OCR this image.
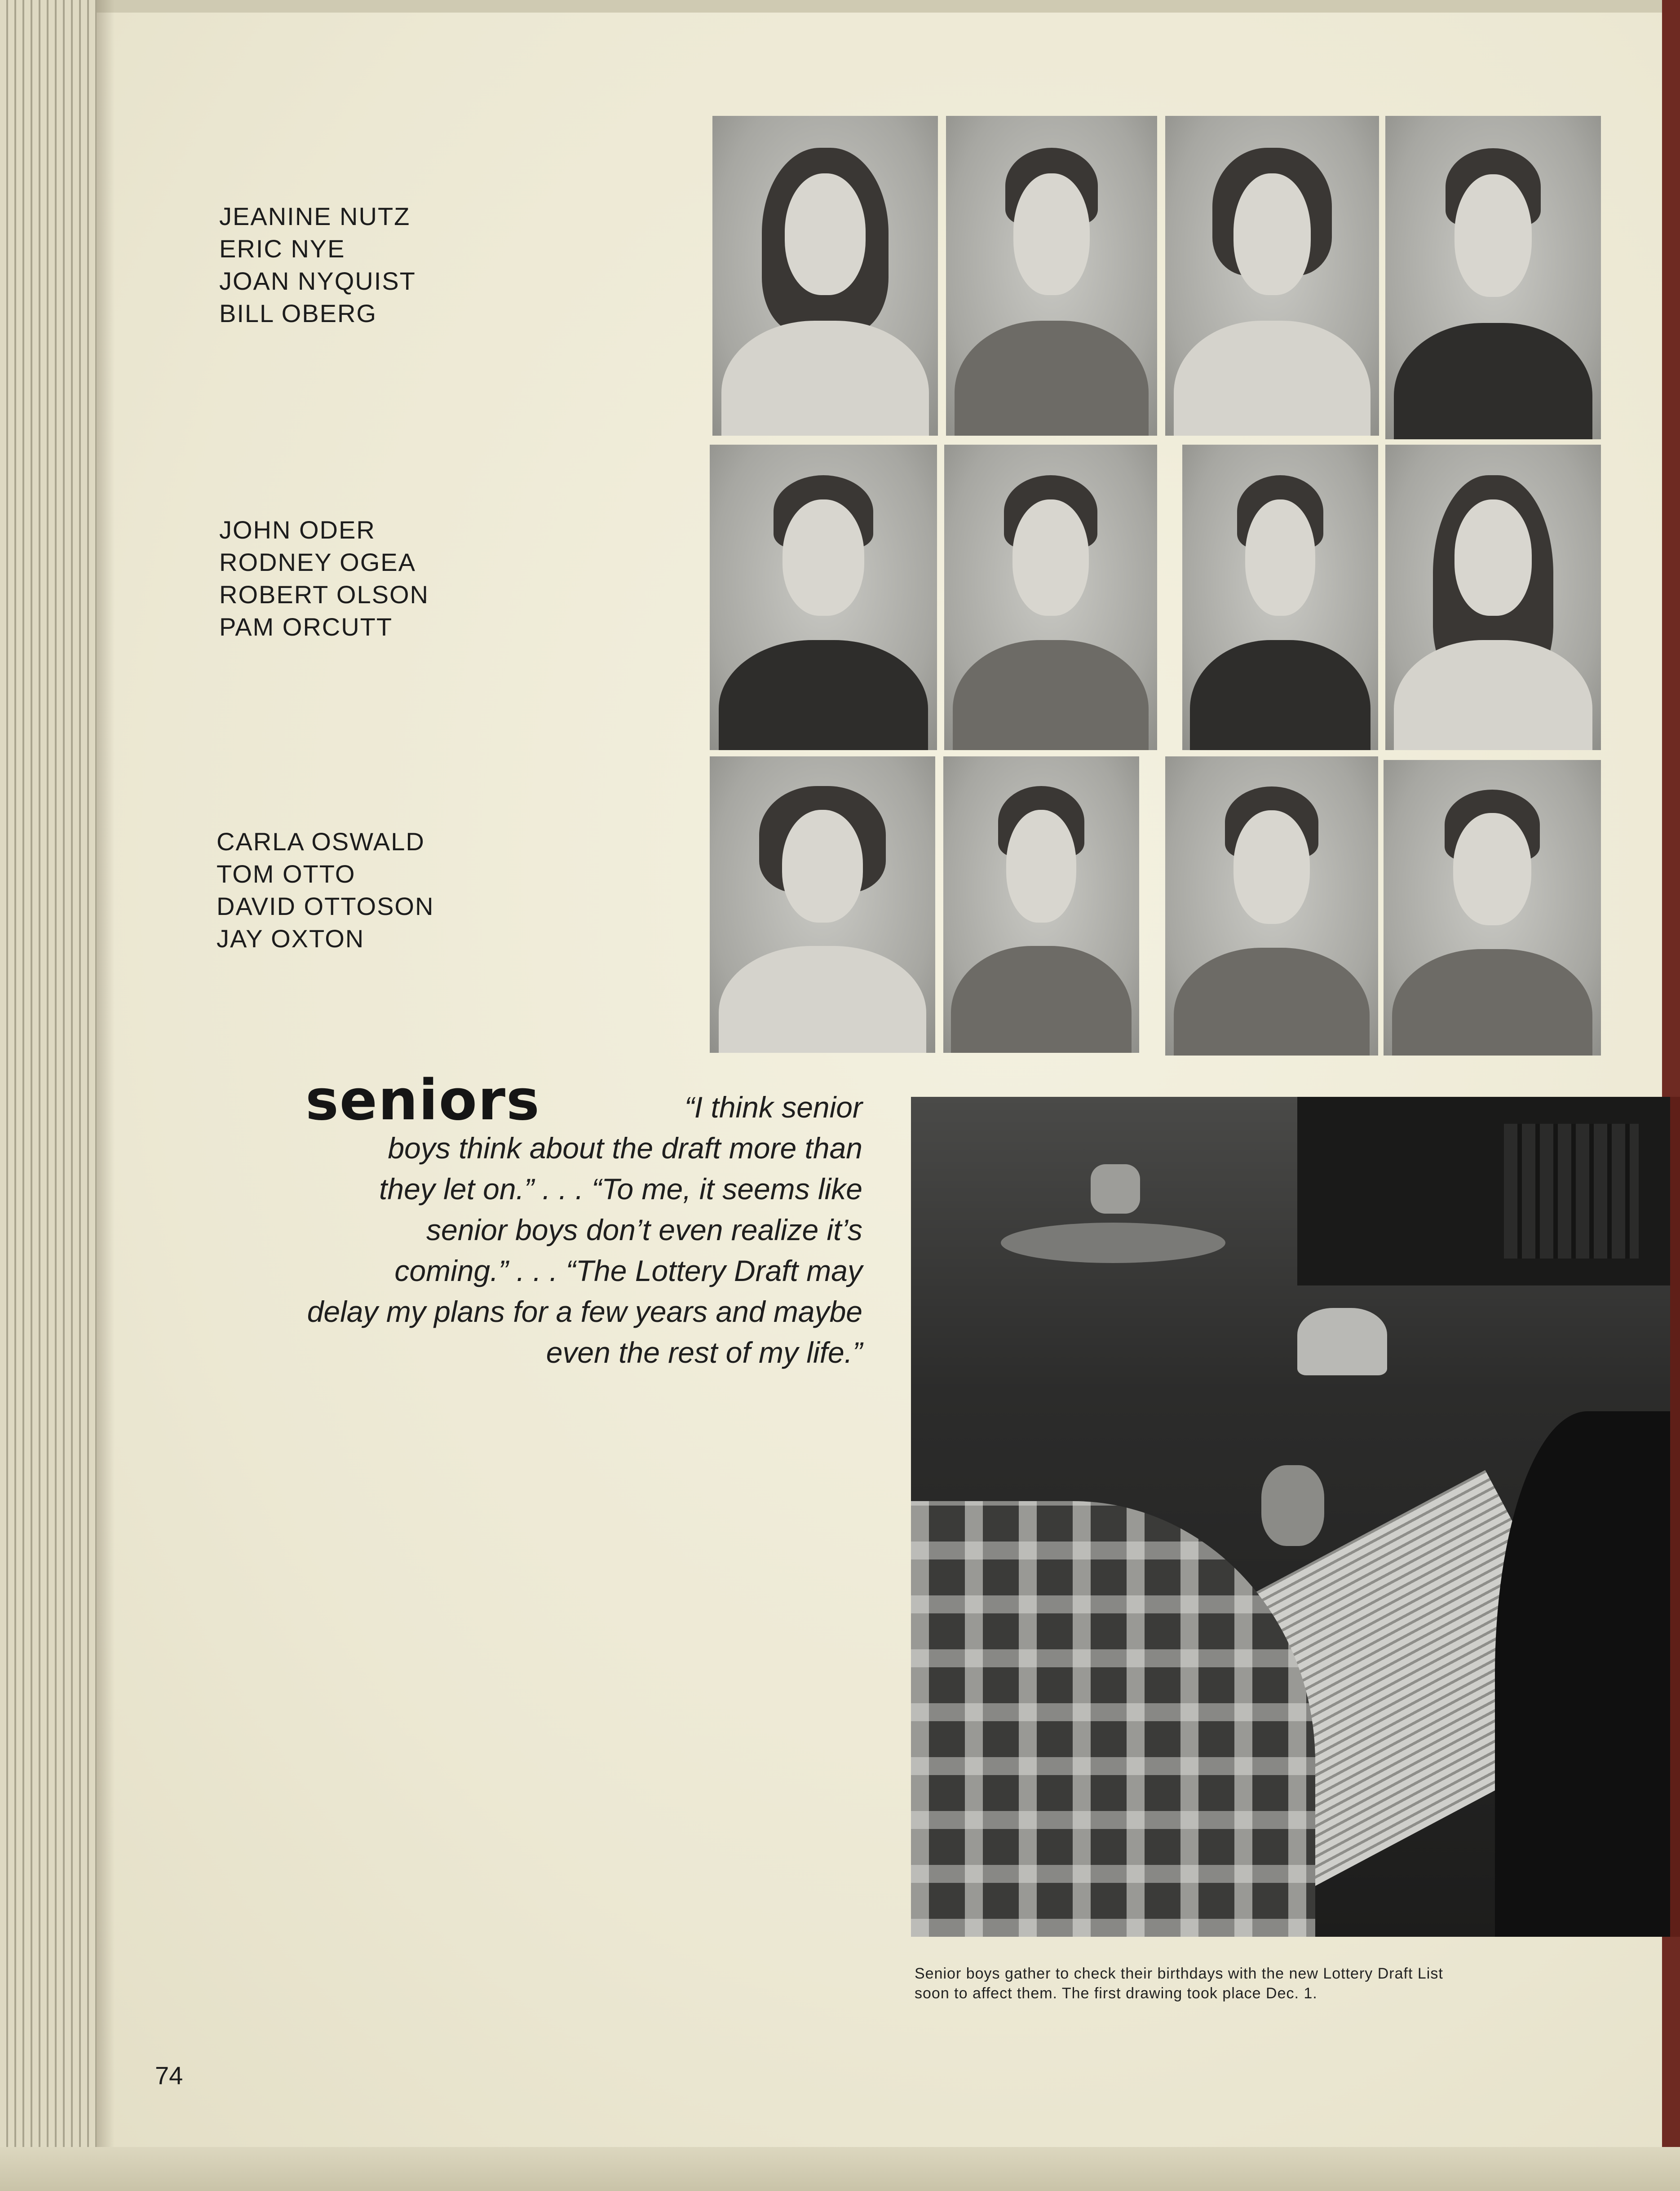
JEANINE NUTZ
ERIC NYE
JOAN NYQUIST
BILL OBERG
JOHN ODER
RODNEY OGEA
ROBERT OLSON
PAM ORCUTT
CARLA OSWALD
TOM OTTO
DAVID OTTOSON
JAY OXTON
seniors	“I think senior
boys think about the draft more than
they let on.” . . . “To me, it seems like
senior boys don’t even realize it’s
coming.” . . . “The Lottery Draft may
delay my plans for a few years and maybe
even the rest of my life.”
Senior boys gather to check their birthdays with the new Lottery Draft List
soon to affect them. The first drawing took place Dec. 1.
74
